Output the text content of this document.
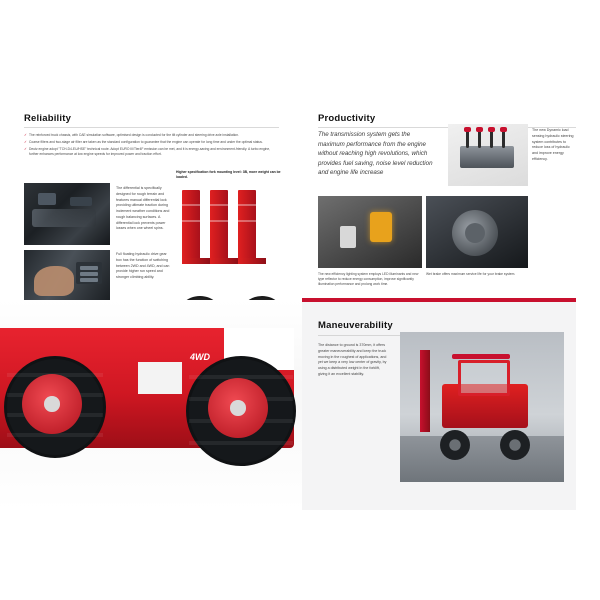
Reliability
✓ The reinforced truck chassis, with CAE simulation software, optimised design is conducted for the tilt cylinder and steering drive axle installation.
✓ Coarse filters and two-stage air filter are taken as the standard configuration to guarantee that the engine can operate for long time and under the optimal status.
✓ Deutz engine adopt "TCH-D4-EU/HSE" technical route. Adopt EURO III/Tier4F emission can be met, and it is energy-saving and environment-friendly. A turbo engine, further enhances performance at low engine speeds for improved power and traction effort.
The differential is specifically designed for rough terrain and features manual differential lock providing ultimate traction during inclement weather conditions and rough balancing surfaces. A differential lock prevents power losses when one wheel spins.
Full floating hydraulic drive gear box has the function of switching between 2WD and 4WD, and can provide higher run speed and stronger climbing ability.
Higher specification fork mounting level: 3B, more weight can be loaded.
Productivity
The transmission system gets the maximum performance from the engine without reaching high revolutions, which provides fuel saving, noise level reduction and engine life increase
The new Dynamic load sensing hydraulic steering system contributes to reduce loss of hydraulic and improve energy efficiency.
The new efficiency lighting system employs LED illuminants and new type reflector to reduce energy consumption, improve significantly illumination performance and prolong work time.
Wet brake offers maximum service life for your brake system.
Maneuverability
The distance to ground is 370mm, it offers greater maneuverability and keep the truck moving in the roughest of applications, and yet we keep a very low center of gravity, by using a distributed weight in the forklift, giving it an excellent stability.
4WD
